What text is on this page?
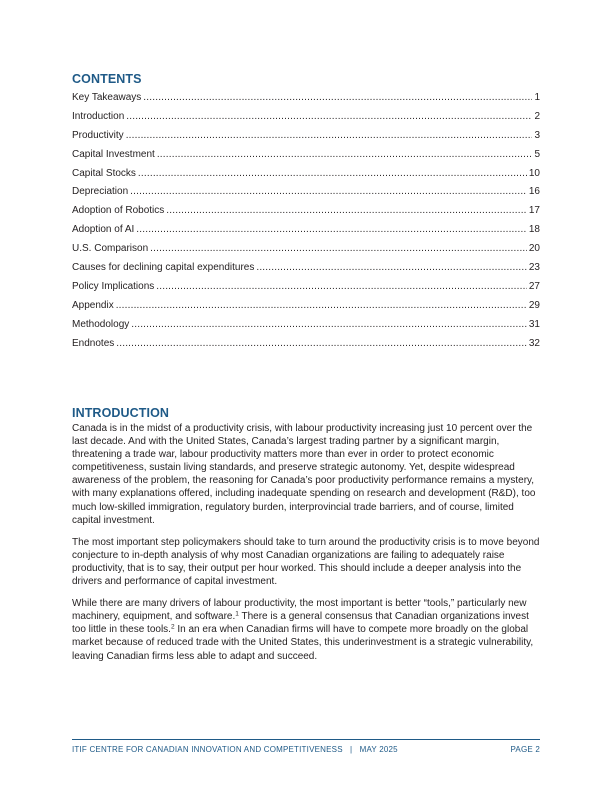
CONTENTS
Key Takeaways .....	1
Introduction .....	2
Productivity .....	3
Capital Investment .....	5
Capital Stocks .....	10
Depreciation .....	16
Adoption of Robotics .....	17
Adoption of AI .....	18
U.S. Comparison .....	20
Causes for declining capital expenditures .....	23
Policy Implications .....	27
Appendix .....	29
Methodology .....	31
Endnotes .....	32
INTRODUCTION

Canada is in the midst of a productivity crisis, with labour productivity increasing just 10 percent over the last decade. And with the United States, Canada’s largest trading partner by a significant margin, threatening a trade war, labour productivity matters more than ever in order to protect economic competitiveness, sustain living standards, and preserve strategic autonomy. Yet, despite widespread awareness of the problem, the reasoning for Canada’s poor productivity performance remains a mystery, with many explanations offered, including inadequate spending on research and development (R&D), too much low-skilled immigration, regulatory burden, interprovincial trade barriers, and of course, limited capital investment.

The most important step policymakers should take to turn around the productivity crisis is to move beyond conjecture to in-depth analysis of why most Canadian organizations are failing to adequately raise productivity, that is to say, their output per hour worked. This should include a deeper analysis into the drivers and performance of capital investment.

While there are many drivers of labour productivity, the most important is better “tools,” particularly new machinery, equipment, and software.$^1$ There is a general consensus that Canadian organizations invest too little in these tools.$^2$ In an era when Canadian firms will have to compete more broadly on the global market because of reduced trade with the United States, this underinvestment is a strategic vulnerability, leaving Canadian firms less able to adapt and succeed.

ITIF CENTRE FOR CANADIAN INNOVATION AND COMPETITIVENESS | MAY 2025	PAGE 2
